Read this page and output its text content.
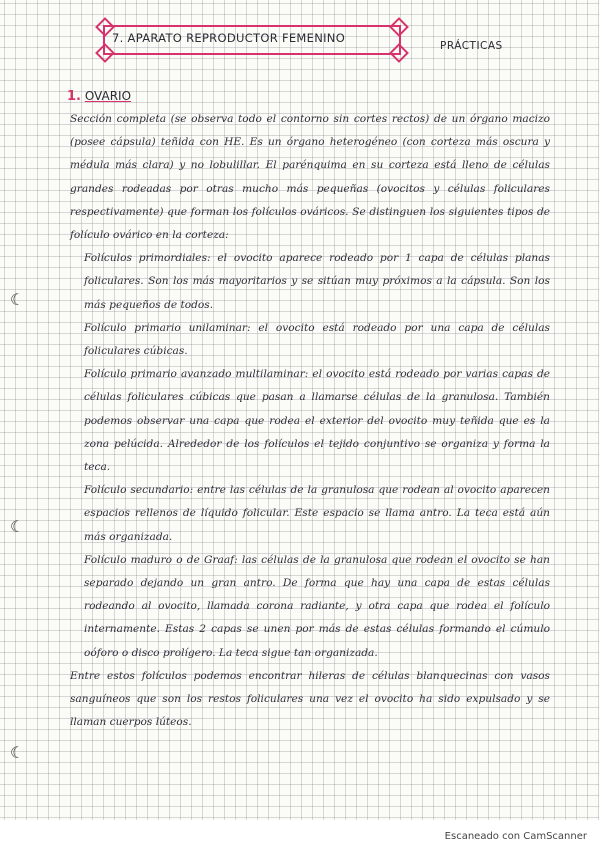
7. APARATO REPRODUCTOR FEMENINO
PRÁCTICAS
1. OVARIO

Sección completa (se observa todo el contorno sin cortes rectos) de un órgano macizo (posee cápsula) teñida con HE. Es un órgano heterogéneo (con corteza más oscura y médula más clara) y no lobulillar. El parénquima en su corteza está lleno de células grandes rodeadas por otras mucho más pequeñas (ovocitos y células foliculares respectivamente) que forman los folículos ováricos. Se distinguen los siguientes tipos de folículo ovárico en la corteza:

Folículos primordiales: el ovocito aparece rodeado por 1 capa de células planas foliculares. Son los más mayoritarios y se sitúan muy próximos a la cápsula. Son los más pequeños de todos.

Folículo primario unilaminar: el ovocito está rodeado por una capa de células foliculares cúbicas.

Folículo primario avanzado multilaminar: el ovocito está rodeado por varias capas de células foliculares cúbicas que pasan a llamarse células de la granulosa. También podemos observar una capa que rodea el exterior del ovocito muy teñida que es la zona pelúcida. Alrededor de los folículos el tejido conjuntivo se organiza y forma la teca.

Folículo secundario: entre las células de la granulosa que rodean al ovocito aparecen espacios rellenos de líquido folicular. Este espacio se llama antro. La teca está aún más organizada.

Folículo maduro o de Graaf: las células de la granulosa que rodean el ovocito se han separado dejando un gran antro. De forma que hay una capa de estas células rodeando al ovocito, llamada corona radiante, y otra capa que rodea el folículo internamente. Estas 2 capas se unen por más de estas células formando el cúmulo oóforo o disco prolígero. La teca sigue tan organizada.

Entre estos folículos podemos encontrar hileras de células blanquecinas con vasos sanguíneos que son los restos foliculares una vez el ovocito ha sido expulsado y se llaman cuerpos lúteos.

☾
☾
☾
Escaneado con CamScanner
